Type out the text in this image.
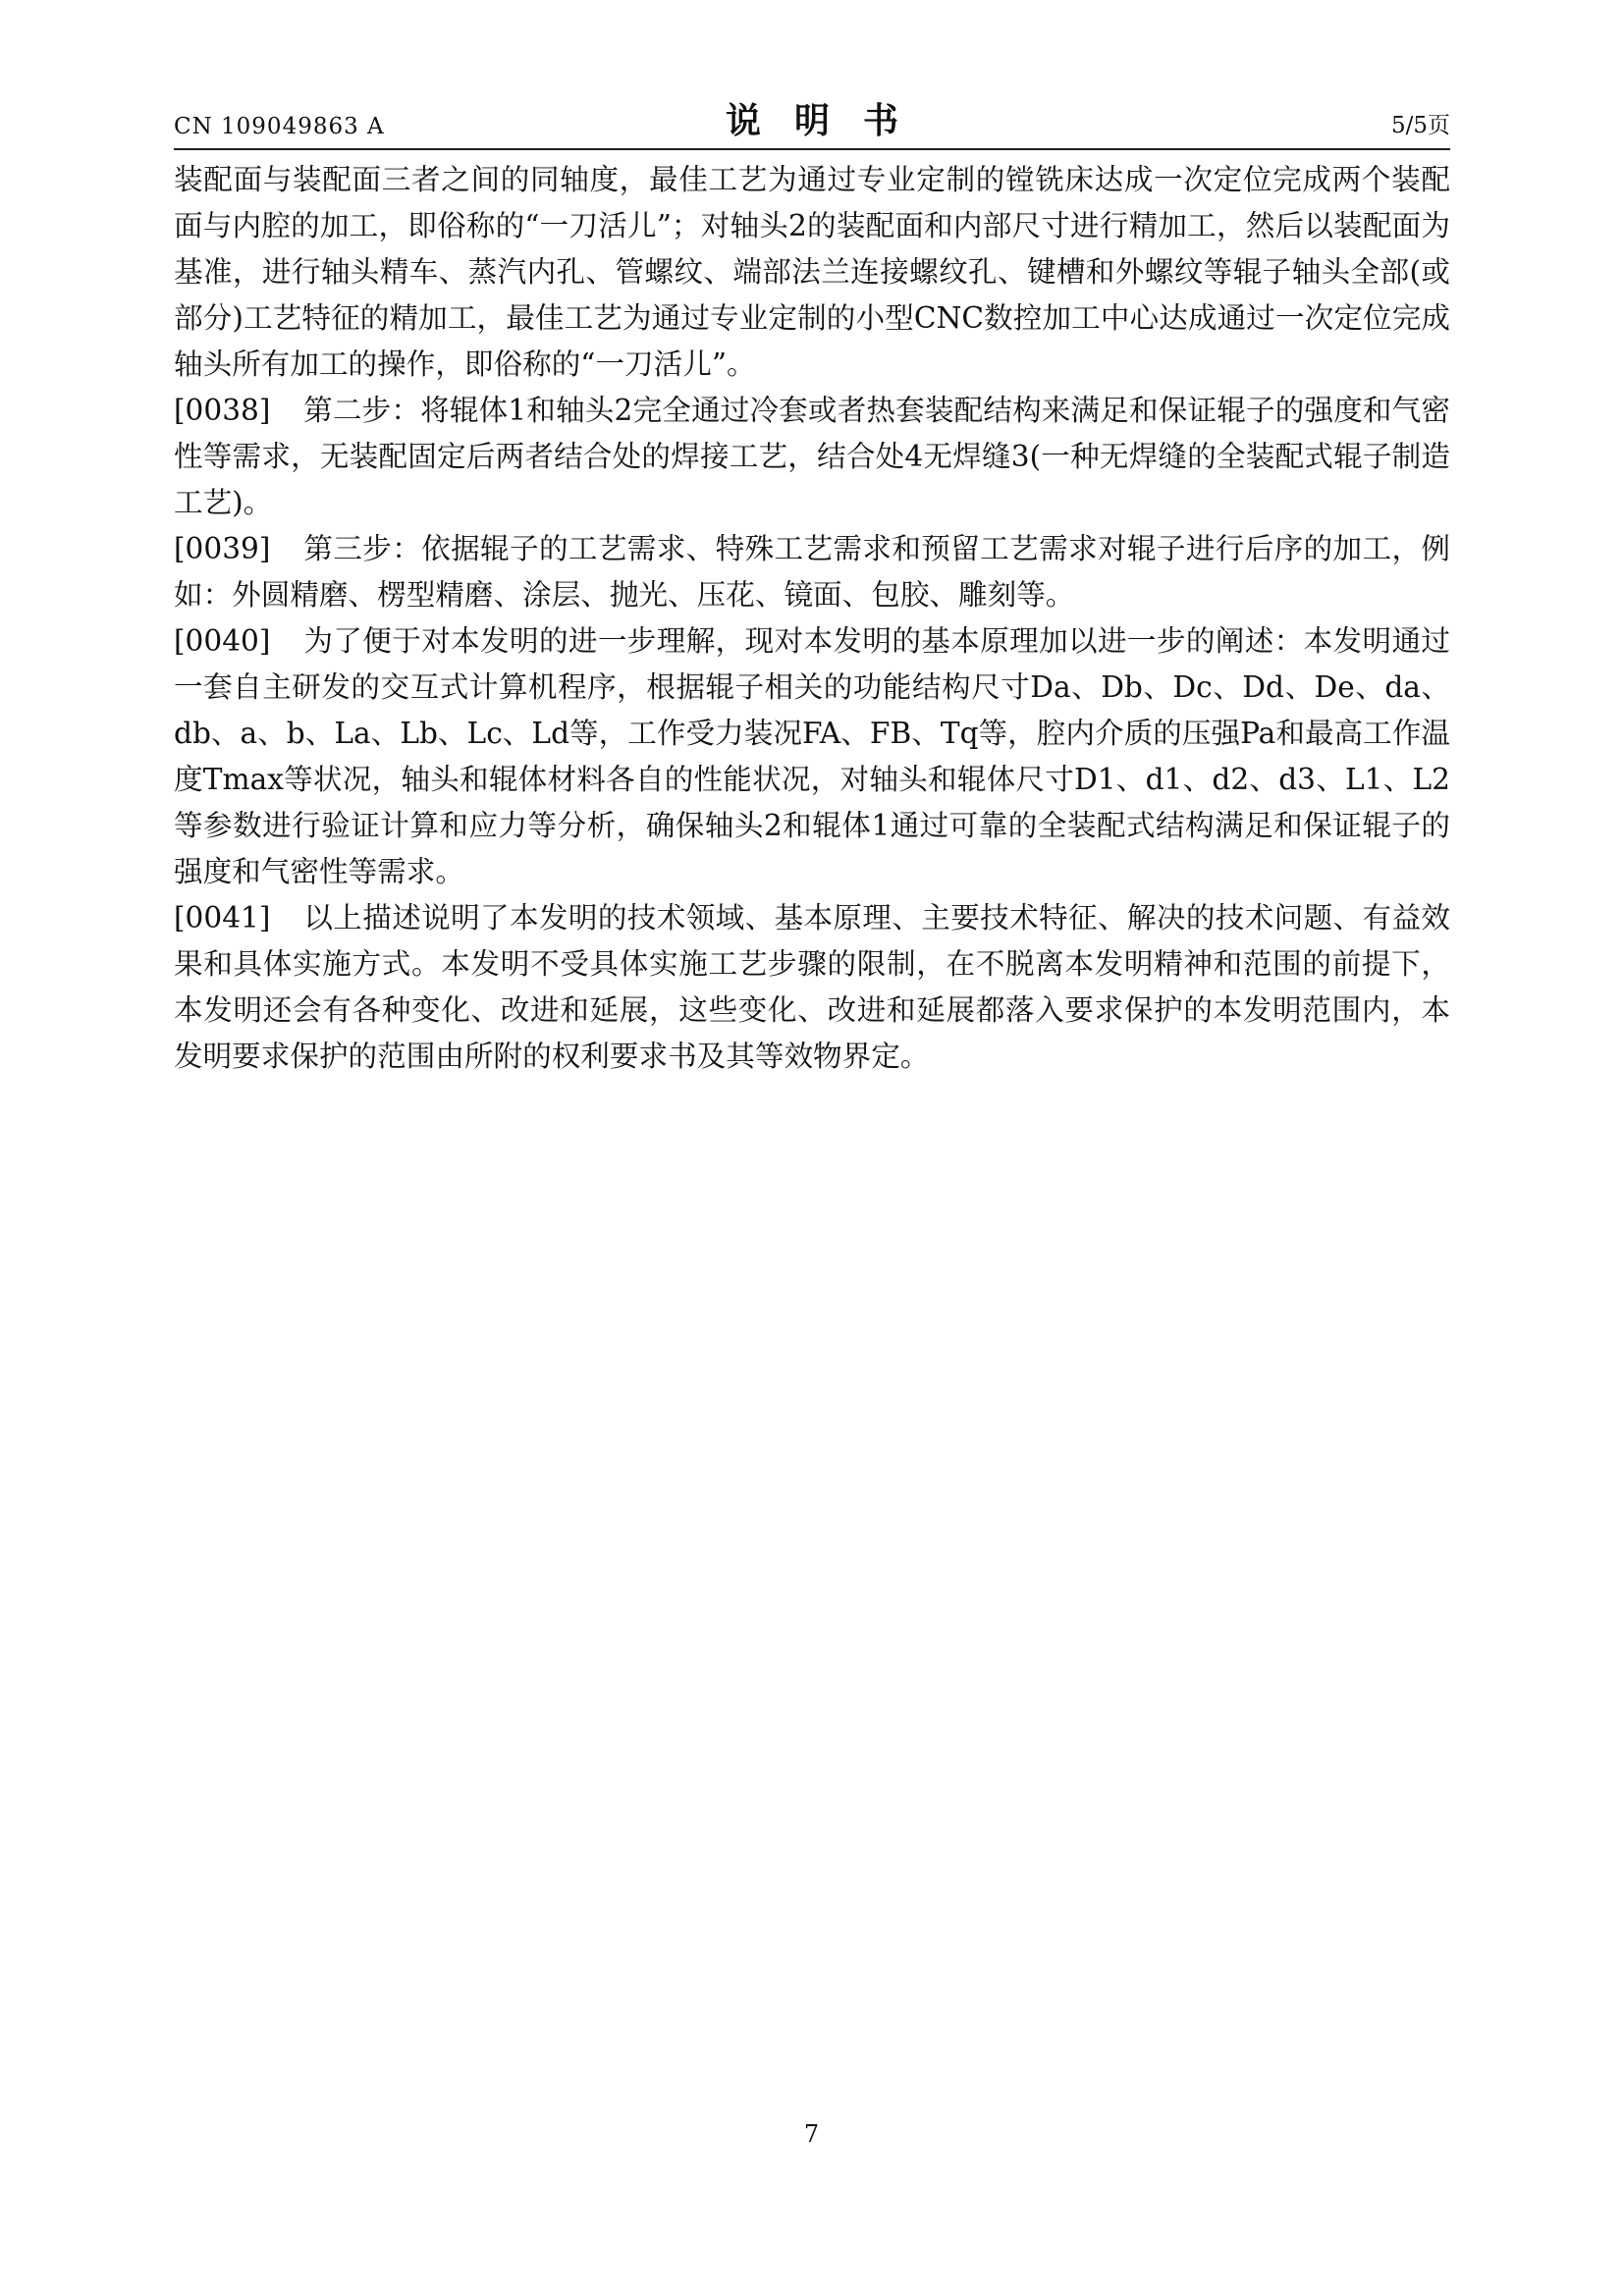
CN 109049863 A	说明书	5/5页

装配面与装配面三者之间的同轴度，最佳工艺为通过专业定制的镗铣床达成一次定位完成两个装配面与内腔的加工，即俗称的“一刀活儿”；对轴头2的装配面和内部尺寸进行精加工，然后以装配面为基准，进行轴头精车、蒸汽内孔、管螺纹、端部法兰连接螺纹孔、键槽和外螺纹等辊子轴头全部(或部分)工艺特征的精加工，最佳工艺为通过专业定制的小型CNC数控加工中心达成通过一次定位完成轴头所有加工的操作，即俗称的“一刀活儿”。

[0038] 第二步：将辊体1和轴头2完全通过冷套或者热套装配结构来满足和保证辊子的强度和气密性等需求，无装配固定后两者结合处的焊接工艺，结合处4无焊缝3(一种无焊缝的全装配式辊子制造工艺)。

[0039] 第三步：依据辊子的工艺需求、特殊工艺需求和预留工艺需求对辊子进行后序的加工，例如：外圆精磨、楞型精磨、涂层、抛光、压花、镜面、包胶、雕刻等。

[0040] 为了便于对本发明的进一步理解，现对本发明的基本原理加以进一步的阐述：本发明通过一套自主研发的交互式计算机程序，根据辊子相关的功能结构尺寸Da、Db、Dc、Dd、De、da、db、a、b、La、Lb、Lc、Ld等，工作受力装况FA、FB、Tq等，腔内介质的压强Pa和最高工作温度Tmax等状况，轴头和辊体材料各自的性能状况，对轴头和辊体尺寸D1、d1、d2、d3、L1、L2等参数进行验证计算和应力等分析，确保轴头2和辊体1通过可靠的全装配式结构满足和保证辊子的强度和气密性等需求。

[0041] 以上描述说明了本发明的技术领域、基本原理、主要技术特征、解决的技术问题、有益效果和具体实施方式。本发明不受具体实施工艺步骤的限制，在不脱离本发明精神和范围的前提下，本发明还会有各种变化、改进和延展，这些变化、改进和延展都落入要求保护的本发明范围内，本发明要求保护的范围由所附的权利要求书及其等效物界定。

7
